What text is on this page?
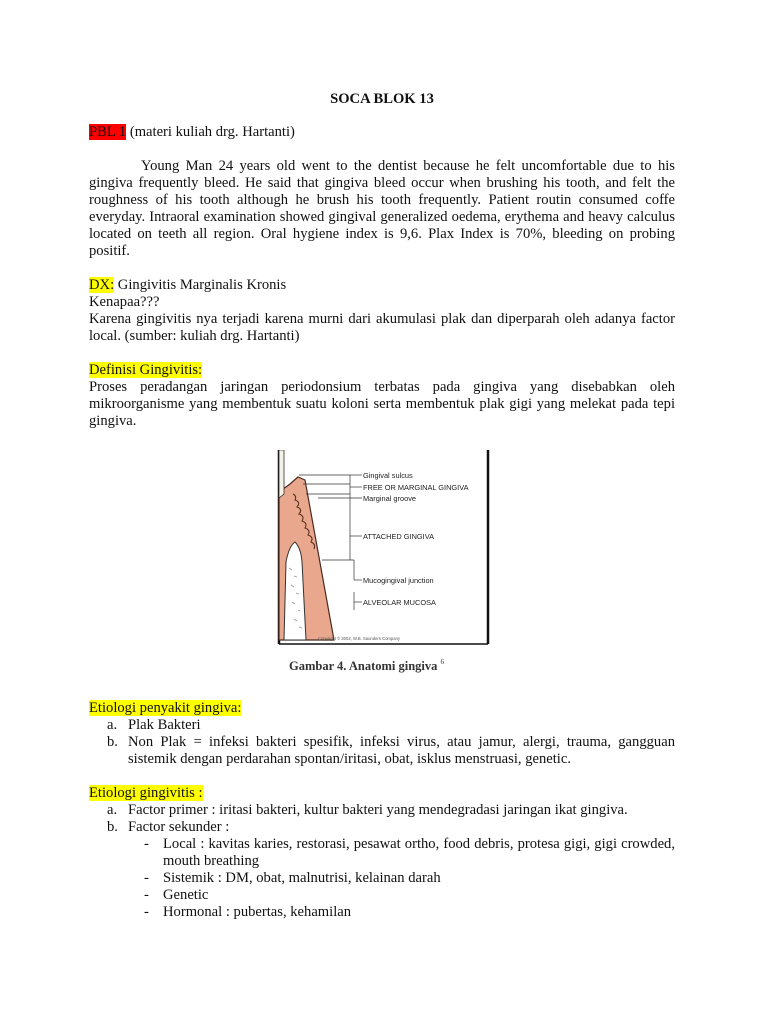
SOCA BLOK 13

PBL 1 (materi kuliah drg. Hartanti)

Young Man 24 years old went to the dentist because he felt uncomfortable due to his gingiva frequently bleed. He said that gingiva bleed occur when brushing his tooth, and felt the roughness of his tooth although he brush his tooth frequently. Patient routin consumed coffe everyday. Intraoral examination showed gingival generalized oedema, erythema and heavy calculus located on teeth all region. Oral hygiene index is 9,6. Plax Index is 70%, bleeding on probing positif.

DX: Gingivitis Marginalis Kronis

Kenapaa???

Karena gingivitis nya terjadi karena murni dari akumulasi plak dan diperparah oleh adanya factor local. (sumber: kuliah drg. Hartanti)

Definisi Gingivitis:

Proses peradangan jaringan periodonsium terbatas pada gingiva yang disebabkan oleh mikroorganisme yang membentuk suatu koloni serta membentuk plak gigi yang melekat pada tepi gingiva.

Gingival sulcus
FREE OR MARGINAL GINGIVA
Marginal groove
ATTACHED GINGIVA
Mucogingival junction
ALVEOLAR MUCOSA
Copyright © 2002, W.B. Saunders Company
Gambar 4. Anatomi gingiva $^6$

Etiologi penyakit gingiva:

a. Plak Bakteri
b. Non Plak = infeksi bakteri spesifik, infeksi virus, atau jamur, alergi, trauma, gangguan sistemik dengan perdarahan spontan/iritasi, obat, isklus menstruasi, genetic.

Etiologi gingivitis :

a. Factor primer : iritasi bakteri, kultur bakteri yang mendegradasi jaringan ikat gingiva.
b. Factor sekunder :
- Local : kavitas karies, restorasi, pesawat ortho, food debris, protesa gigi, gigi crowded, mouth breathing
- Sistemik : DM, obat, malnutrisi, kelainan darah
- Genetic
- Hormonal : pubertas, kehamilan
